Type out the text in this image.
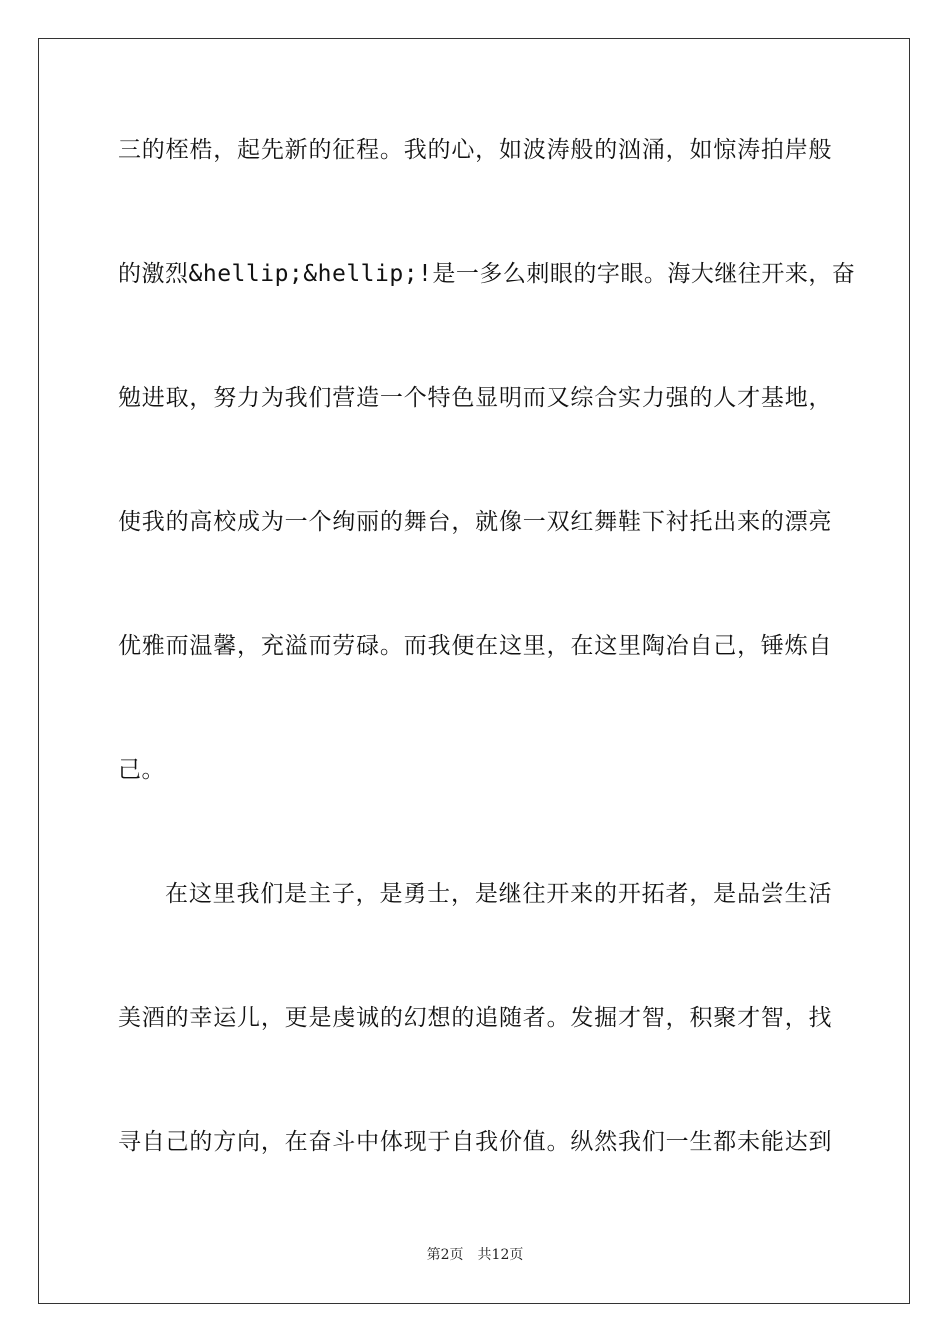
三的桎梏，起先新的征程。我的心，如波涛般的汹涌，如惊涛拍岸般
的激烈&hellip;&hellip;!是一多么刺眼的字眼。海大继往开来，奋
勉进取，努力为我们营造一个特色显明而又综合实力强的人才基地，
使我的高校成为一个绚丽的舞台，就像一双红舞鞋下衬托出来的漂亮
优雅而温馨，充溢而劳碌。而我便在这里，在这里陶冶自己，锤炼自
己。
在这里我们是主子，是勇士，是继往开来的开拓者，是品尝生活
美酒的幸运儿，更是虔诚的幻想的追随者。发掘才智，积聚才智，找
寻自己的方向，在奋斗中体现于自我价值。纵然我们一生都未能达到
第2页 共12页
